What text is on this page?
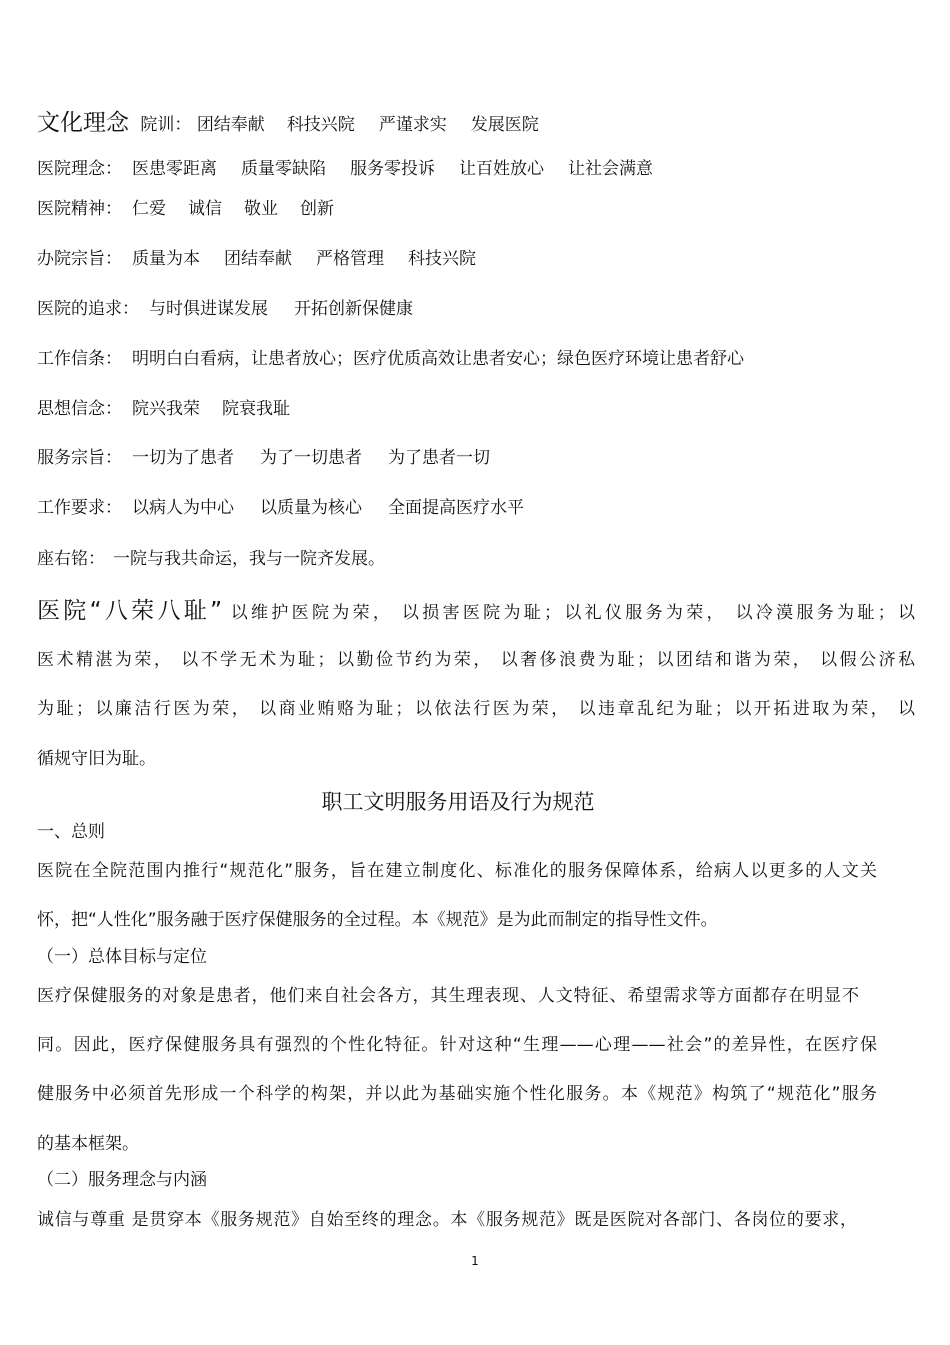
文化理念 院训： 团结奉献 科技兴院 严谨求实 发展医院
医院理念： 医患零距离 质量零缺陷 服务零投诉 让百姓放心 让社会满意
医院精神： 仁爱 诚信 敬业 创新
办院宗旨： 质量为本 团结奉献 严格管理 科技兴院
医院的追求： 与时俱进谋发展 开拓创新保健康
工作信条： 明明白白看病，让患者放心；医疗优质高效让患者安心；绿色医疗环境让患者舒心
思想信念： 院兴我荣 院衰我耻
服务宗旨： 一切为了患者 为了一切患者 为了患者一切
工作要求： 以病人为中心 以质量为核心 全面提高医疗水平
座右铭： 一院与我共命运，我与一院齐发展。
医院“八荣八耻” 以维护医院为荣， 以损害医院为耻；以礼仪服务为荣， 以冷漠服务为耻；以
医术精湛为荣， 以不学无术为耻；以勤俭节约为荣， 以奢侈浪费为耻；以团结和谐为荣， 以假公济私
为耻；以廉洁行医为荣， 以商业贿赂为耻；以依法行医为荣， 以违章乱纪为耻；以开拓进取为荣， 以
循规守旧为耻。
职工文明服务用语及行为规范
一、总则
医院在全院范围内推行“规范化”服务，旨在建立制度化、标准化的服务保障体系，给病人以更多的人文关
怀，把“人性化”服务融于医疗保健服务的全过程。本《规范》是为此而制定的指导性文件。
（一）总体目标与定位
医疗保健服务的对象是患者，他们来自社会各方，其生理表现、人文特征、希望需求等方面都存在明显不
同。因此，医疗保健服务具有强烈的个性化特征。针对这种“生理——心理——社会”的差异性，在医疗保
健服务中必须首先形成一个科学的构架，并以此为基础实施个性化服务。本《规范》构筑了“规范化”服务
的基本框架。
（二）服务理念与内涵
诚信与尊重 是贯穿本《服务规范》自始至终的理念。本《服务规范》既是医院对各部门、各岗位的要求，
1
